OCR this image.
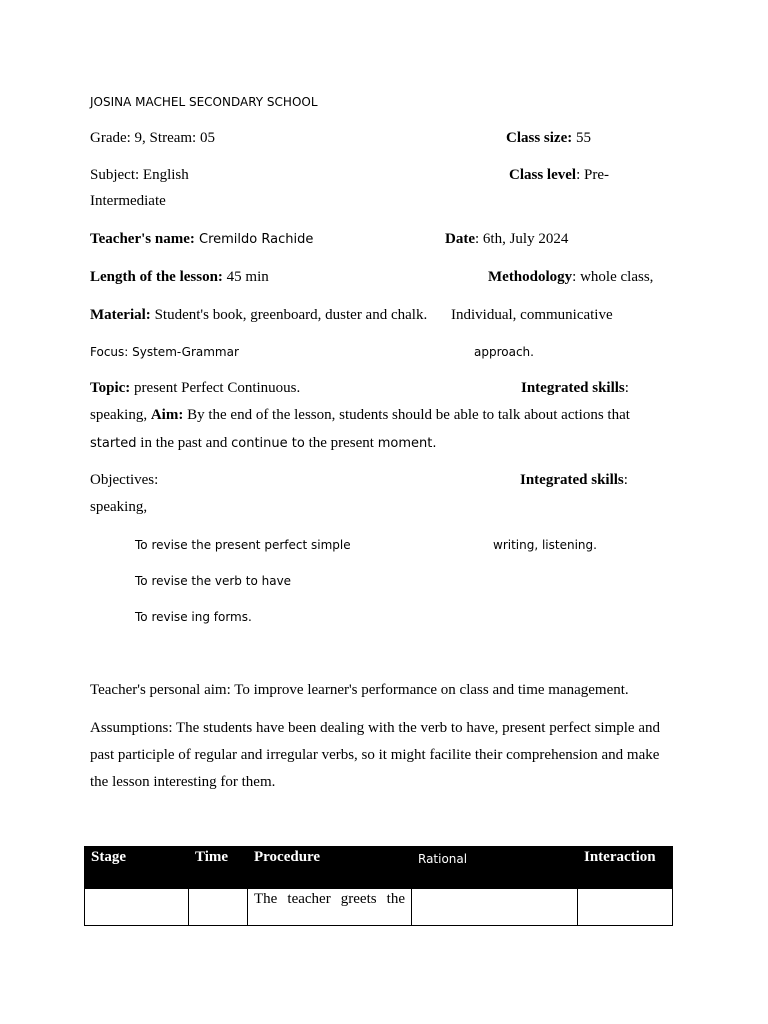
JOSINA MACHEL SECONDARY SCHOOL
Grade: 9, Stream: 05	Class size: 55
Subject: English	Class level: Pre-
Intermediate
Teacher's name: Cremildo Rachide	Date: 6th, July 2024
Length of the lesson: 45 min	Methodology: whole class,
Material: Student's book, greenboard, duster and chalk. Individual, communicative
Focus: System-Grammar	approach.
Topic: present Perfect Continuous.	Integrated skills:
speaking, Aim: By the end of the lesson, students should be able to talk about actions that
started in the past and continue to the present moment.
Objectives:	Integrated skills:
speaking,
To revise the present perfect simple	writing, listening.
To revise the verb to have
To revise ing forms.
Teacher's personal aim: To improve learner's performance on class and time management.
Assumptions: The students have been dealing with the verb to have, present perfect simple and
past participle of regular and irregular verbs, so it might facilite their comprehension and make
the lesson interesting for them.
Stage	Time	Procedure	Rational	Interaction
		The teacher greets the		
